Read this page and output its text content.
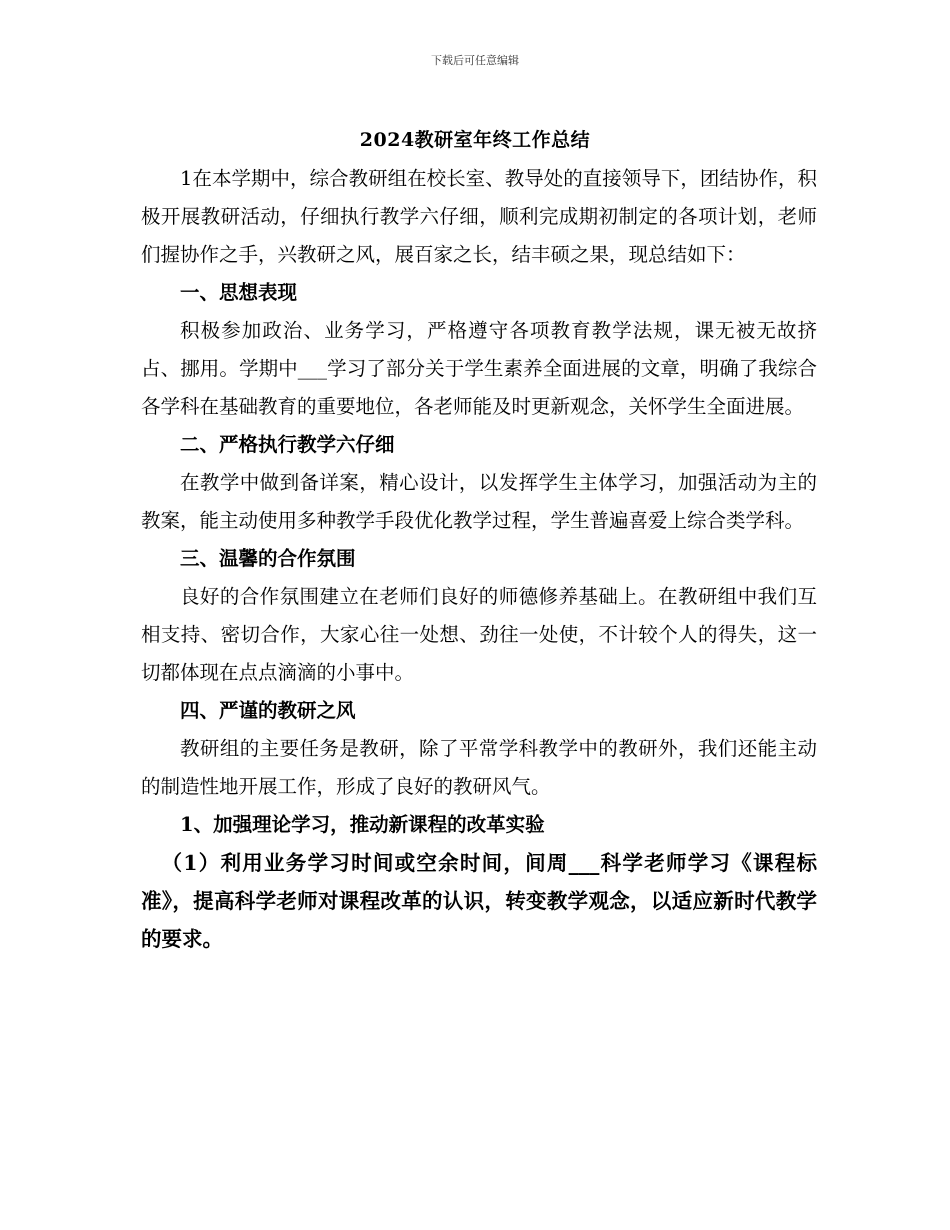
下载后可任意编辑
2024教研室年终工作总结

1在本学期中，综合教研组在校长室、教导处的直接领导下，团结协作，积极开展教研活动，仔细执行教学六仔细，顺利完成期初制定的各项计划，老师们握协作之手，兴教研之风，展百家之长，结丰硕之果，现总结如下：

一、思想表现

积极参加政治、业务学习，严格遵守各项教育教学法规，课无被无故挤占、挪用。学期中___学习了部分关于学生素养全面进展的文章，明确了我综合各学科在基础教育的重要地位，各老师能及时更新观念，关怀学生全面进展。

二、严格执行教学六仔细

在教学中做到备详案，精心设计，以发挥学生主体学习，加强活动为主的教案，能主动使用多种教学手段优化教学过程，学生普遍喜爱上综合类学科。

三、温馨的合作氛围

良好的合作氛围建立在老师们良好的师德修养基础上。在教研组中我们互相支持、密切合作，大家心往一处想、劲往一处使，不计较个人的得失，这一切都体现在点点滴滴的小事中。

四、严谨的教研之风

教研组的主要任务是教研，除了平常学科教学中的教研外，我们还能主动的制造性地开展工作，形成了良好的教研风气。

1、加强理论学习，推动新课程的改革实验

（1）利用业务学习时间或空余时间，间周___科学老师学习《课程标准》，提高科学老师对课程改革的认识，转变教学观念，以适应新时代教学的要求。
